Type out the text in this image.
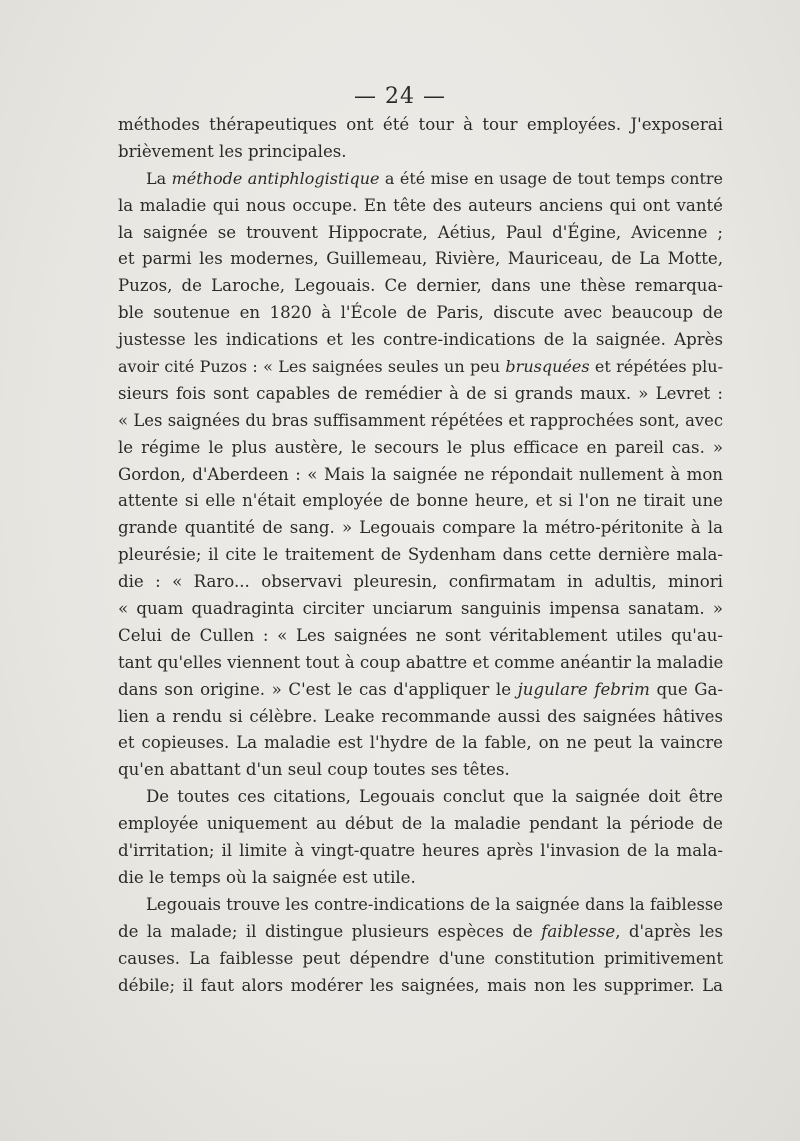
— 24 —
méthodes thérapeutiques ont été tour à tour employées. J'exposerai
brièvement les principales.
La méthode antiphlogistique a été mise en usage de tout temps contre
la maladie qui nous occupe. En tête des auteurs anciens qui ont vanté
la saignée se trouvent Hippocrate, Aétius, Paul d'Égine, Avicenne ;
et parmi les modernes, Guillemeau, Rivière, Mauriceau, de La Motte,
Puzos, de Laroche, Legouais. Ce dernier, dans une thèse remarqua-
ble soutenue en 1820 à l'École de Paris, discute avec beaucoup de
justesse les indications et les contre-indications de la saignée. Après
avoir cité Puzos : « Les saignées seules un peu brusquées et répétées plu-
sieurs fois sont capables de remédier à de si grands maux. » Levret :
« Les saignées du bras suffisamment répétées et rapprochées sont, avec
le régime le plus austère, le secours le plus efficace en pareil cas. »
Gordon, d'Aberdeen : « Mais la saignée ne répondait nullement à mon
attente si elle n'était employée de bonne heure, et si l'on ne tirait une
grande quantité de sang. » Legouais compare la métro-péritonite à la
pleurésie; il cite le traitement de Sydenham dans cette dernière mala-
die : « Raro... observavi pleuresin, confirmatam in adultis, minori
« quam quadraginta circiter unciarum sanguinis impensa sanatam. »
Celui de Cullen : « Les saignées ne sont véritablement utiles qu'au-
tant qu'elles viennent tout à coup abattre et comme anéantir la maladie
dans son origine. » C'est le cas d'appliquer le jugulare febrim que Ga-
lien a rendu si célèbre. Leake recommande aussi des saignées hâtives
et copieuses. La maladie est l'hydre de la fable, on ne peut la vaincre
qu'en abattant d'un seul coup toutes ses têtes.
De toutes ces citations, Legouais conclut que la saignée doit être
employée uniquement au début de la maladie pendant la période de
d'irritation; il limite à vingt-quatre heures après l'invasion de la mala-
die le temps où la saignée est utile.
Legouais trouve les contre-indications de la saignée dans la faiblesse
de la malade; il distingue plusieurs espèces de faiblesse, d'après les
causes. La faiblesse peut dépendre d'une constitution primitivement
débile; il faut alors modérer les saignées, mais non les supprimer. La
